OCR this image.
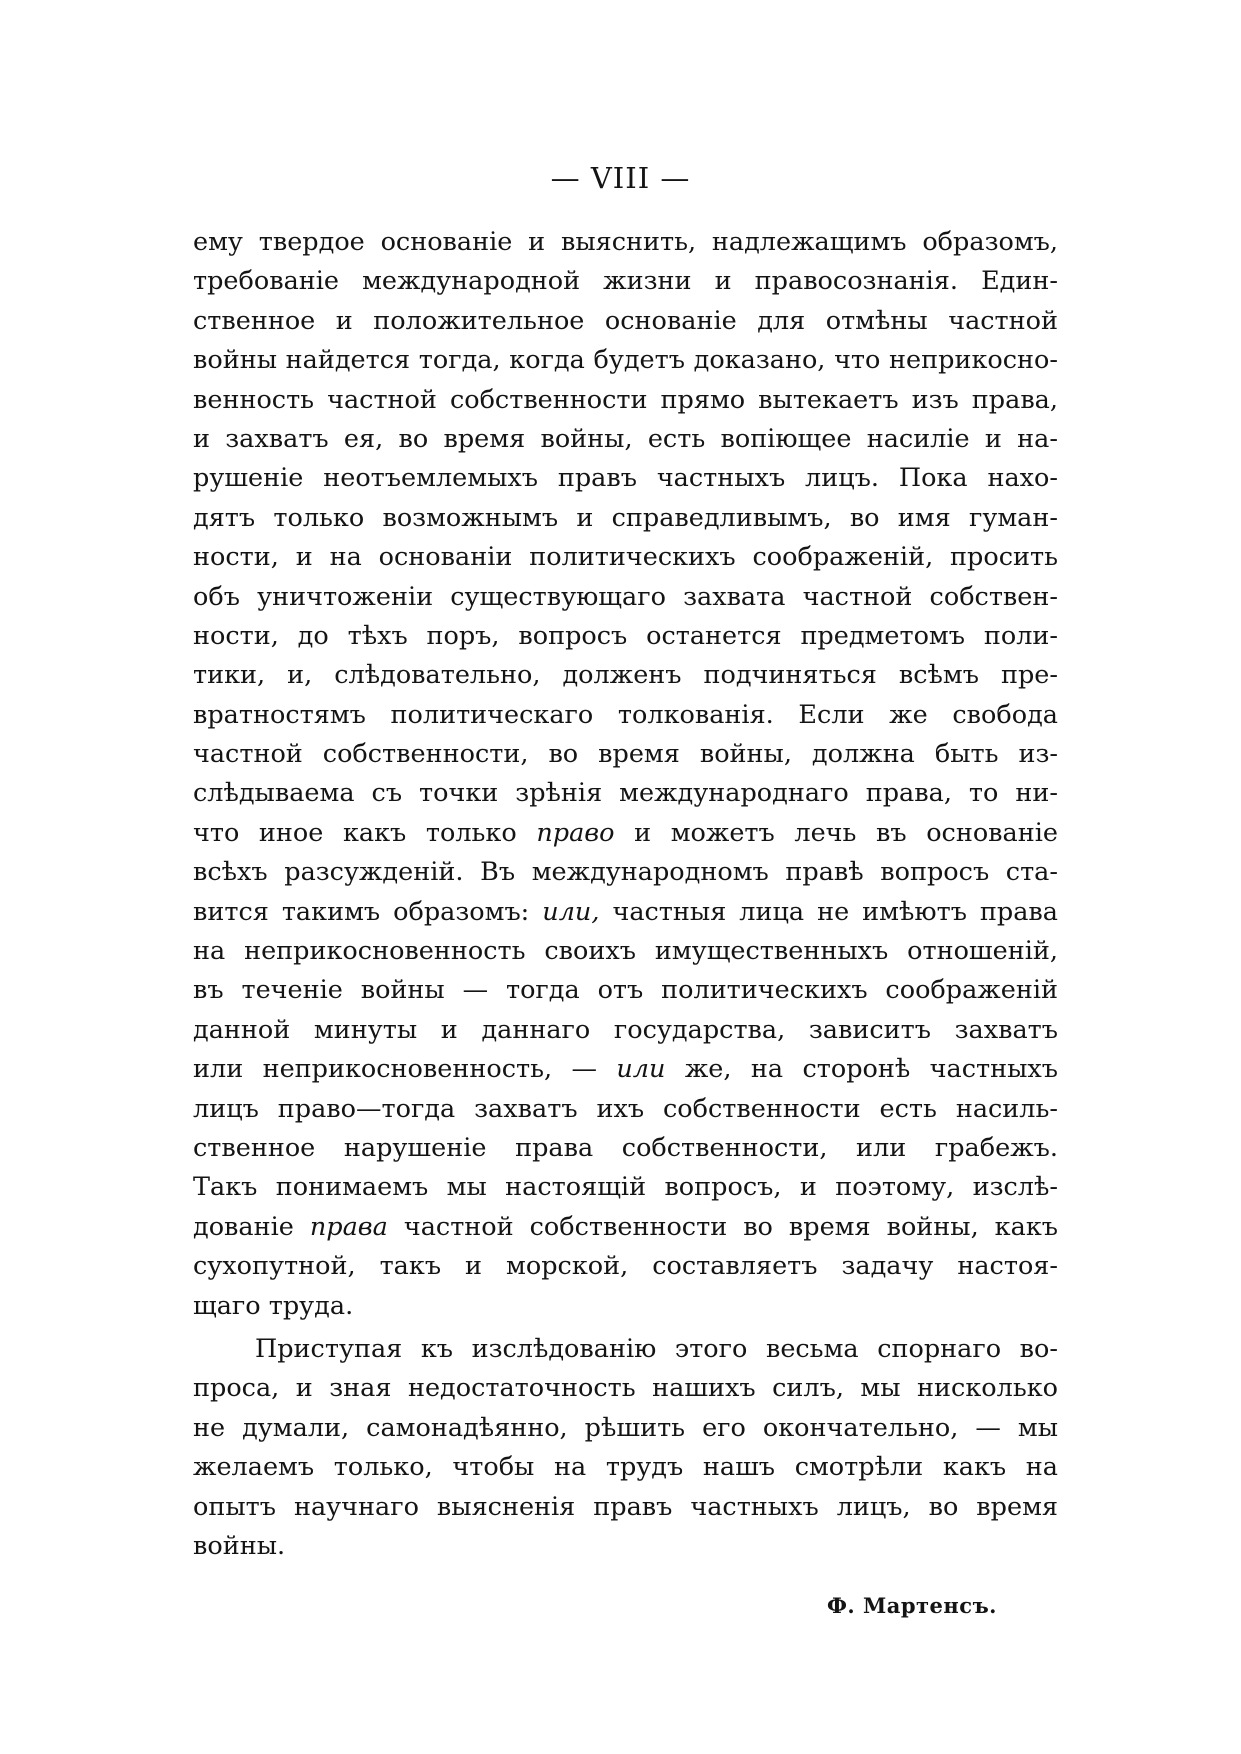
— VIII —
ему твердое основаніе и выяснить, надлежащимъ образомъ,
требованіе международной жизни и правосознанія. Един-
ственное и положительное основаніе для отмѣны частной
войны найдется тогда, когда будетъ доказано, что неприкосно-
венность частной собственности прямо вытекаетъ изъ права,
и захватъ ея, во время войны, есть вопіющее насиліе и на-
рушеніе неотъемлемыхъ правъ частныхъ лицъ. Пока нахо-
дятъ только возможнымъ и справедливымъ, во имя гуман-
ности, и на основаніи политическихъ соображеній, просить
объ уничтоженіи существующаго захвата частной собствен-
ности, до тѣхъ поръ, вопросъ останется предметомъ поли-
тики, и, слѣдовательно, долженъ подчиняться всѣмъ пре-
вратностямъ политическаго толкованія. Если же свобода
частной собственности, во время войны, должна быть из-
слѣдываема съ точки зрѣнія международнаго права, то ни-
что иное какъ только право и можетъ лечь въ основаніе
всѣхъ разсужденій. Въ международномъ правѣ вопросъ ста-
вится такимъ образомъ: или, частныя лица не имѣютъ права
на неприкосновенность своихъ имущественныхъ отношеній,
въ теченіе войны — тогда отъ политическихъ соображеній
данной минуты и даннаго государства, зависитъ захватъ
или неприкосновенность, — или же, на сторонѣ частныхъ
лицъ право—тогда захватъ ихъ собственности есть насиль-
ственное нарушеніе права собственности, или грабежъ.
Такъ понимаемъ мы настоящій вопросъ, и поэтому, изслѣ-
дованіе права частной собственности во время войны, какъ
сухопутной, такъ и морской, составляетъ задачу настоя-
щаго труда.
Приступая къ изслѣдованію этого весьма спорнаго во-
проса, и зная недостаточность нашихъ силъ, мы нисколько
не думали, самонадѣянно, рѣшить его окончательно, — мы
желаемъ только, чтобы на трудъ нашъ смотрѣли какъ на
опытъ научнаго выясненія правъ частныхъ лицъ, во время
войны.
Ф. Мартенсъ.
